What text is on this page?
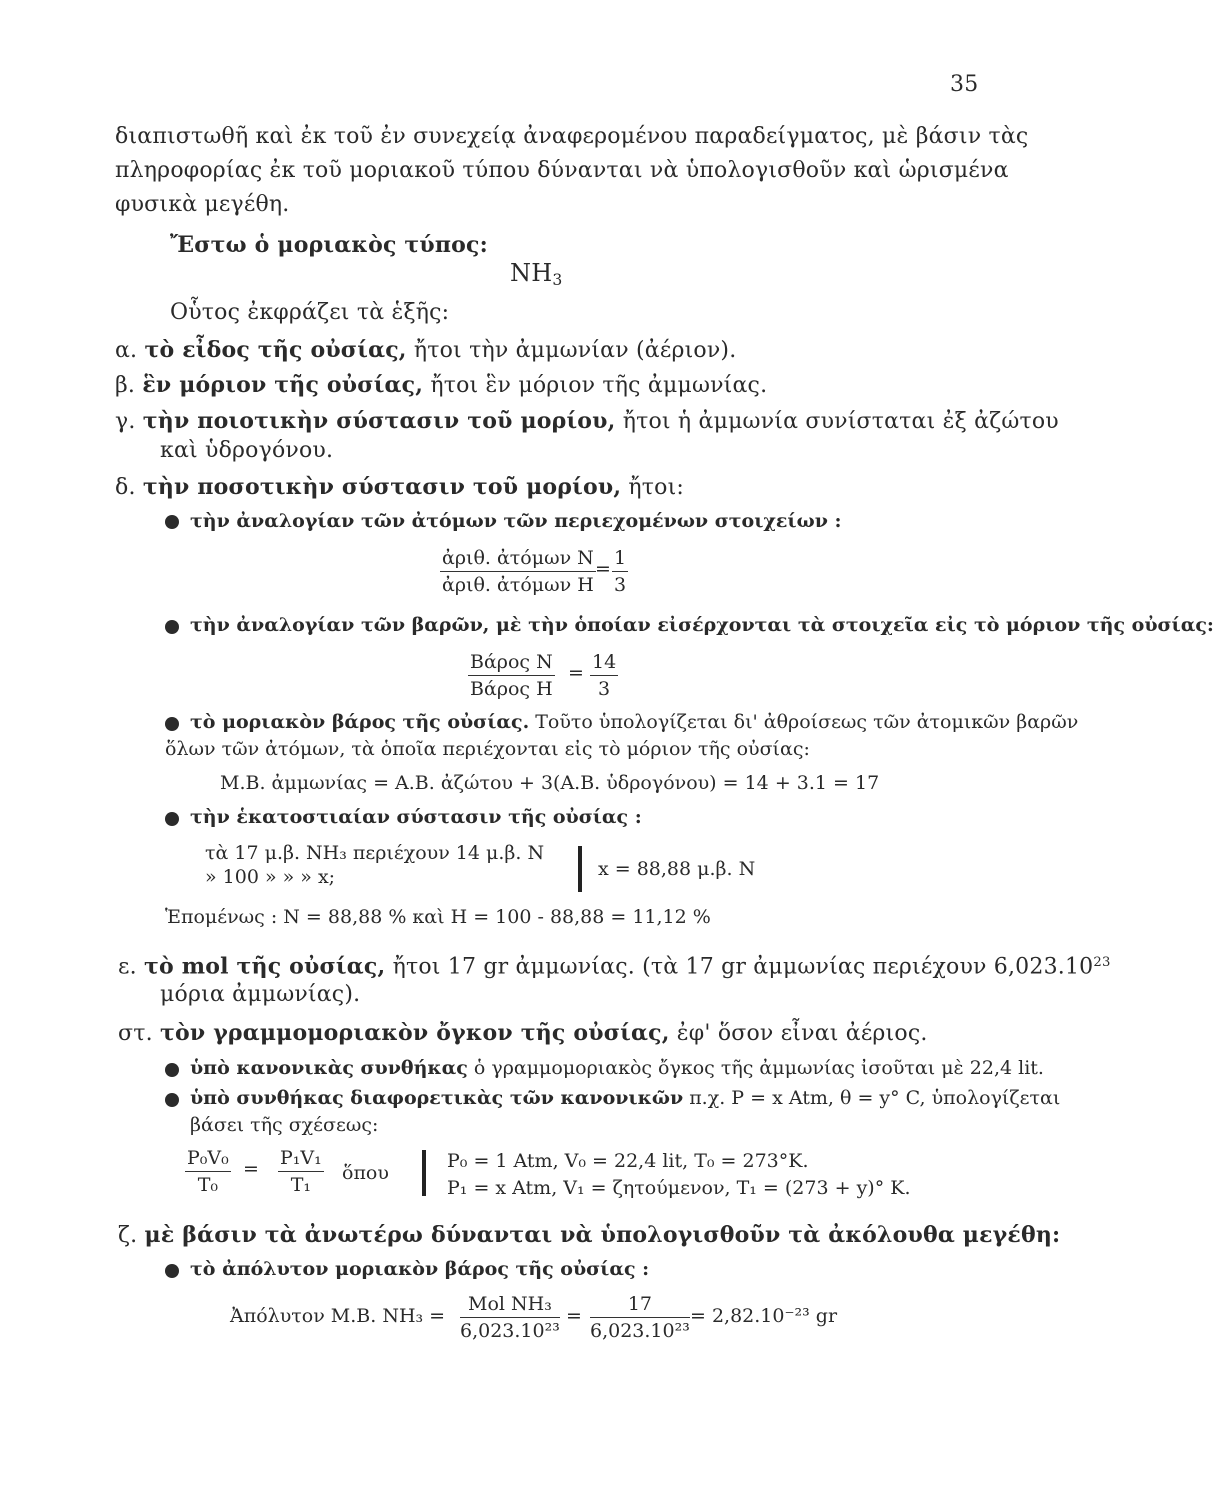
35
διαπιστωθῆ καὶ ἐκ τοῦ ἐν συνεχείᾳ ἀναφερομένου παραδείγματος, μὲ βάσιν τὰς
πληροφορίας ἐκ τοῦ μοριακοῦ τύπου δύνανται νὰ ὑπολογισθοῦν καὶ ὡρισμένα
φυσικὰ μεγέθη.
Ἔστω ὁ μοριακὸς τύπος:
$NH_3$
Οὗτος ἐκφράζει τὰ ἑξῆς:
α. τὸ εἶδος τῆς οὐσίας, ἤτοι τὴν ἀμμωνίαν (ἀέριον).
β. ἓν μόριον τῆς οὐσίας, ἤτοι ἓν μόριον τῆς ἀμμωνίας.
γ. τὴν ποιοτικὴν σύστασιν τοῦ μορίου, ἤτοι ἡ ἀμμωνία συνίσταται ἐξ ἀζώτου
καὶ ὑδρογόνου.
δ. τὴν ποσοτικὴν σύστασιν τοῦ μορίου, ἤτοι:
τὴν ἀναλογίαν τῶν ἀτόμων τῶν περιεχομένων στοιχείων :
ἀριθ. ἀτόμων N
ἀριθ. ἀτόμων H
= $\frac{1}{3}$
τὴν ἀναλογίαν τῶν βαρῶν, μὲ τὴν ὁποίαν εἰσέρχονται τὰ στοιχεῖα εἰς τὸ μόριον τῆς οὐσίας:
Βάρος N
Βάρος H
= $\frac{14}{3}$
τὸ μοριακὸν βάρος τῆς οὐσίας. Τοῦτο ὑπολογίζεται δι' ἀθροίσεως τῶν ἀτομικῶν βαρῶν
ὅλων τῶν ἀτόμων, τὰ ὁποῖα περιέχονται εἰς τὸ μόριον τῆς οὐσίας:
M.B. ἀμμωνίας = A.B. ἀζώτου + 3(A.B. ὑδρογόνου) = 14 + 3.1 = 17
τὴν ἑκατοστιαίαν σύστασιν τῆς οὐσίας :
τὰ 17 μ.β. NH₃ περιέχουν 14 μ.β. N
» 100 » » » x;	x = 88,88 μ.β. N
Ἑπομένως : N = 88,88 % καὶ H = 100 - 88,88 = 11,12 %
ε. τὸ mol τῆς οὐσίας, ἤτοι 17 gr ἀμμωνίας. (τὰ 17 gr ἀμμωνίας περιέχουν 6,023.10$^{23}$
μόρια ἀμμωνίας).
στ. τὸν γραμμομοριακὸν ὄγκον τῆς οὐσίας, ἐφ' ὅσον εἶναι ἀέριος.
ὑπὸ κανονικὰς συνθήκας ὁ γραμμομοριακὸς ὄγκος τῆς ἀμμωνίας ἰσοῦται μὲ 22,4 lit.
ὑπὸ συνθήκας διαφορετικὰς τῶν κανονικῶν π.χ. P = x Atm, θ = y° C, ὑπολογίζεται
βάσει τῆς σχέσεως:
$\frac{\text{P₀V₀}}{\text{T₀}} = \frac{\text{P₁V₁}}{\text{T₁}}$ ὅπου
P₀ = 1 Atm, V₀ = 22,4 lit, T₀ = 273°K.
P₁ = x Atm, V₁ = ζητούμενον, T₁ = (273 + y)° K.
ζ. μὲ βάσιν τὰ ἀνωτέρω δύνανται νὰ ὑπολογισθοῦν τὰ ἀκόλουθα μεγέθη:
τὸ ἀπόλυτον μοριακὸν βάρος τῆς οὐσίας :
Ἀπόλυτον M.B. NH₃ =
Mol NH₃
6,023.10²³
= $\frac{17}{\text{6,023.10²³}} = 2,82.10^{-23}$ gr
